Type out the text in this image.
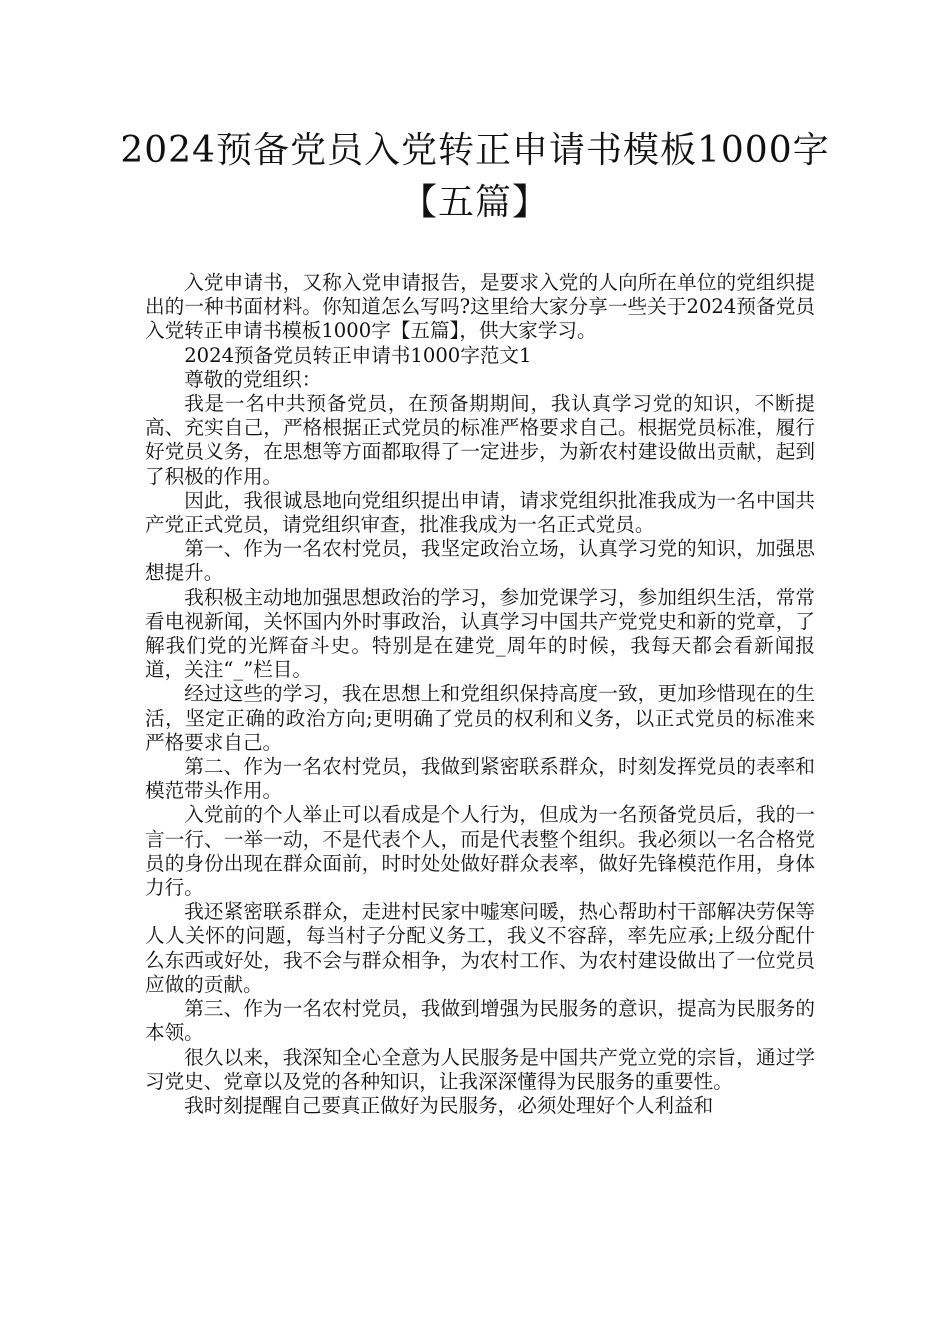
2024预备党员入党转正申请书模板1000字
【五篇】

入党申请书，又称入党申请报告，是要求入党的人向所在单位的党组织提出的一种书面材料。你知道怎么写吗?这里给大家分享一些关于2024预备党员入党转正申请书模板1000字【五篇】，供大家学习。

2024预备党员转正申请书1000字范文1

尊敬的党组织：

我是一名中共预备党员，在预备期期间，我认真学习党的知识，不断提高、充实自己，严格根据正式党员的标准严格要求自己。根据党员标准，履行好党员义务，在思想等方面都取得了一定进步，为新农村建设做出贡献，起到了积极的作用。

因此，我很诚恳地向党组织提出申请，请求党组织批准我成为一名中国共产党正式党员，请党组织审查，批准我成为一名正式党员。

第一、作为一名农村党员，我坚定政治立场，认真学习党的知识，加强思想提升。

我积极主动地加强思想政治的学习，参加党课学习，参加组织生活，常常看电视新闻，关怀国内外时事政治，认真学习中国共产党党史和新的党章，了解我们党的光辉奋斗史。特别是在建党_周年的时候，我每天都会看新闻报道，关注“_”栏目。

经过这些的学习，我在思想上和党组织保持高度一致，更加珍惜现在的生活，坚定正确的政治方向;更明确了党员的权利和义务，以正式党员的标准来严格要求自己。

第二、作为一名农村党员，我做到紧密联系群众，时刻发挥党员的表率和模范带头作用。

入党前的个人举止可以看成是个人行为，但成为一名预备党员后，我的一言一行、一举一动，不是代表个人，而是代表整个组织。我必须以一名合格党员的身份出现在群众面前，时时处处做好群众表率，做好先锋模范作用，身体力行。

我还紧密联系群众，走进村民家中嘘寒问暖，热心帮助村干部解决劳保等人人关怀的问题，每当村子分配义务工，我义不容辞，率先应承;上级分配什么东西或好处，我不会与群众相争，为农村工作、为农村建设做出了一位党员应做的贡献。

第三、作为一名农村党员，我做到增强为民服务的意识，提高为民服务的本领。

很久以来，我深知全心全意为人民服务是中国共产党立党的宗旨，通过学习党史、党章以及党的各种知识，让我深深懂得为民服务的重要性。

我时刻提醒自己要真正做好为民服务，必须处理好个人利益和
